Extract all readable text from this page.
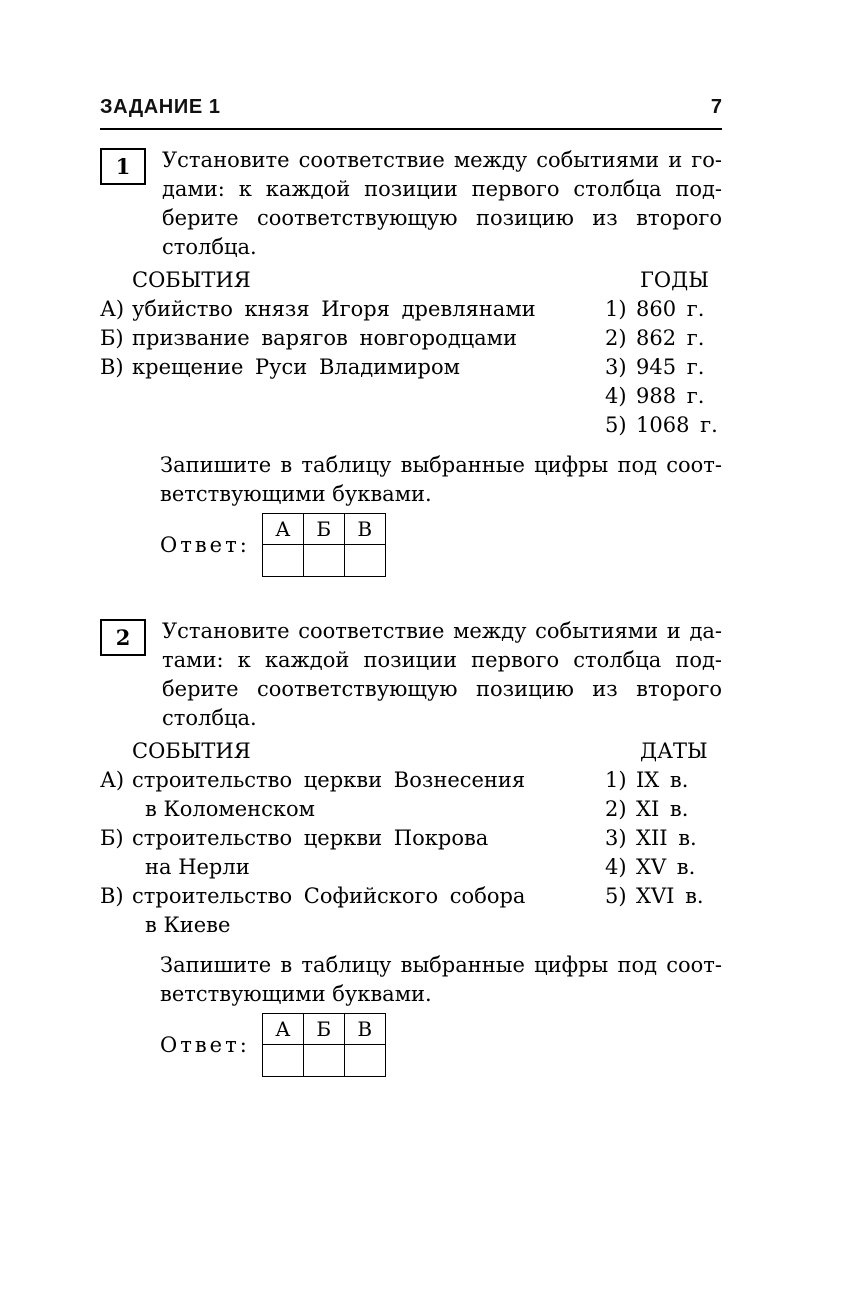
ЗАДАНИЕ 1	7
1	Установите соответствие между событиями и го-
дами: к каждой позиции первого столбца под-
берите соответствующую позицию из второго
столбца.
СОБЫТИЯ
А) убийство князя Игоря древлянами
Б) призвание варягов новгородцами
В) крещение Руси Владимиром
ГОДЫ
1) 860 г.
2) 862 г.
3) 945 г.
4) 988 г.
5) 1068 г.
Запишите в таблицу выбранные цифры под соот-
ветствующими буквами.
Ответ:
А	Б	В

2	Установите соответствие между событиями и да-
тами: к каждой позиции первого столбца под-
берите соответствующую позицию из второго
столбца.
СОБЫТИЯ
А) строительство церкви Вознесения
в Коломенском
Б) строительство церкви Покрова
на Нерли
В) строительство Софийского собора
в Киеве
ДАТЫ
1) IX в.
2) XI в.
3) XII в.
4) XV в.
5) XVI в.
Запишите в таблицу выбранные цифры под соот-
ветствующими буквами.
Ответ:
А	Б	В
